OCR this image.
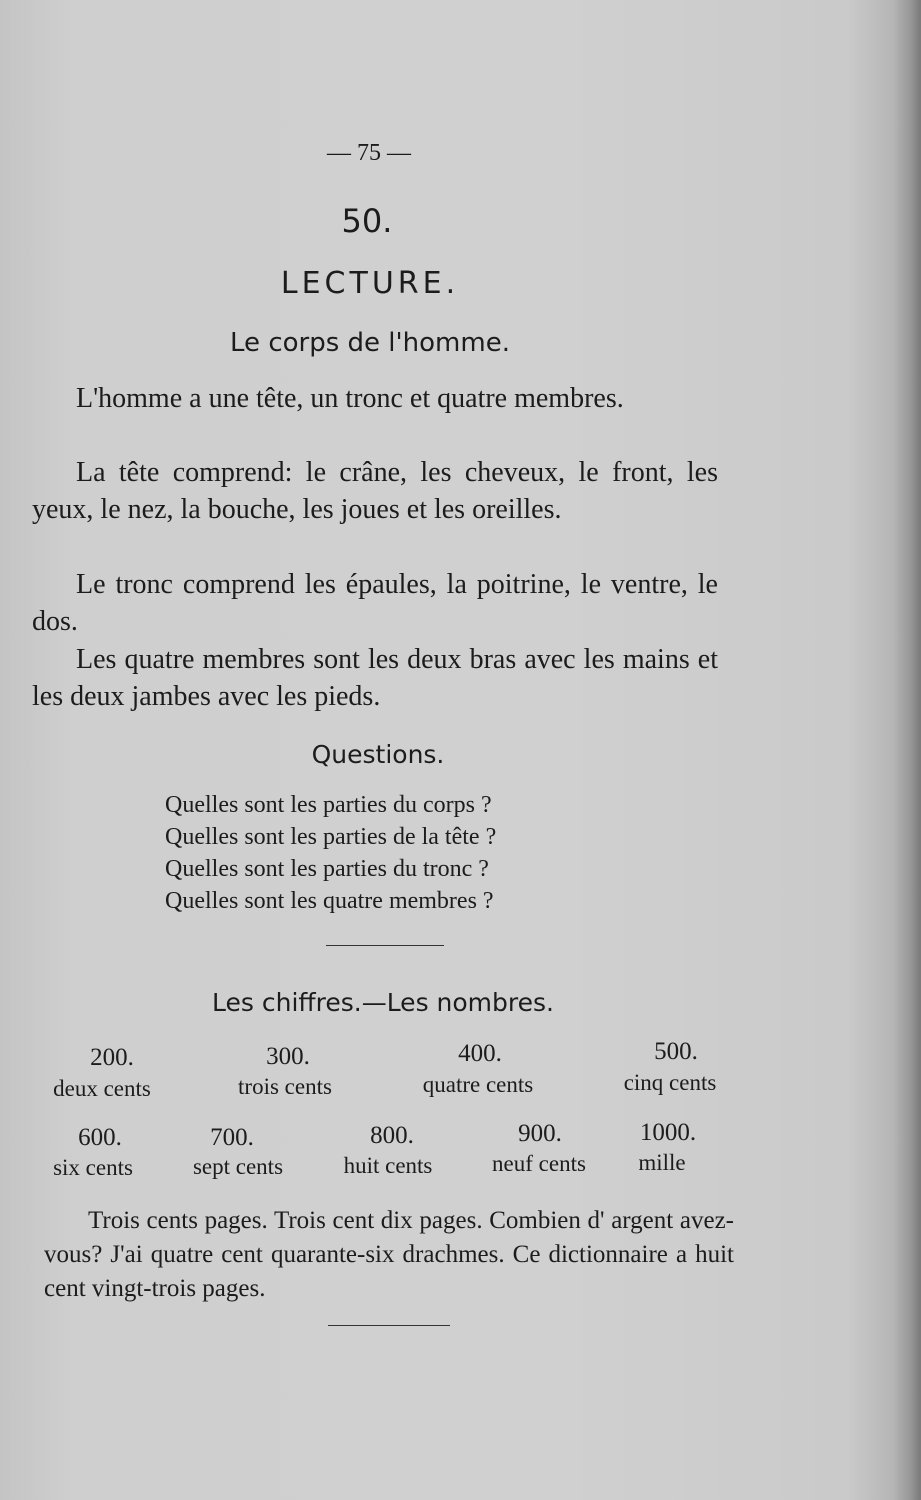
— 75 —
50.
LECTURE.
Le corps de l'homme.
L'homme a une tête, un tronc et quatre membres.
La tête comprend: le crâne, les cheveux, le front, les yeux, le nez, la bouche, les joues et les oreilles.
Le tronc comprend les épaules, la poitrine, le ventre, le dos.
Les quatre membres sont les deux bras avec les mains et les deux jambes avec les pieds.
Questions.
Quelles sont les parties du corps ?
Quelles sont les parties de la tête ?
Quelles sont les parties du tronc ?
Quelles sont les quatre membres ?
Les chiffres.—Les nombres.
200.
deux cents
300.
trois cents
400.
quatre cents
500.
cinq cents
600.
six cents
700.
sept cents
800.
huit cents
900.
neuf cents
1000.
mille
Trois cents pages. Trois cent dix pages. Combien d' argent avez-vous? J'ai quatre cent quarante-six drachmes. Ce dictionnaire a huit cent vingt-trois pages.
